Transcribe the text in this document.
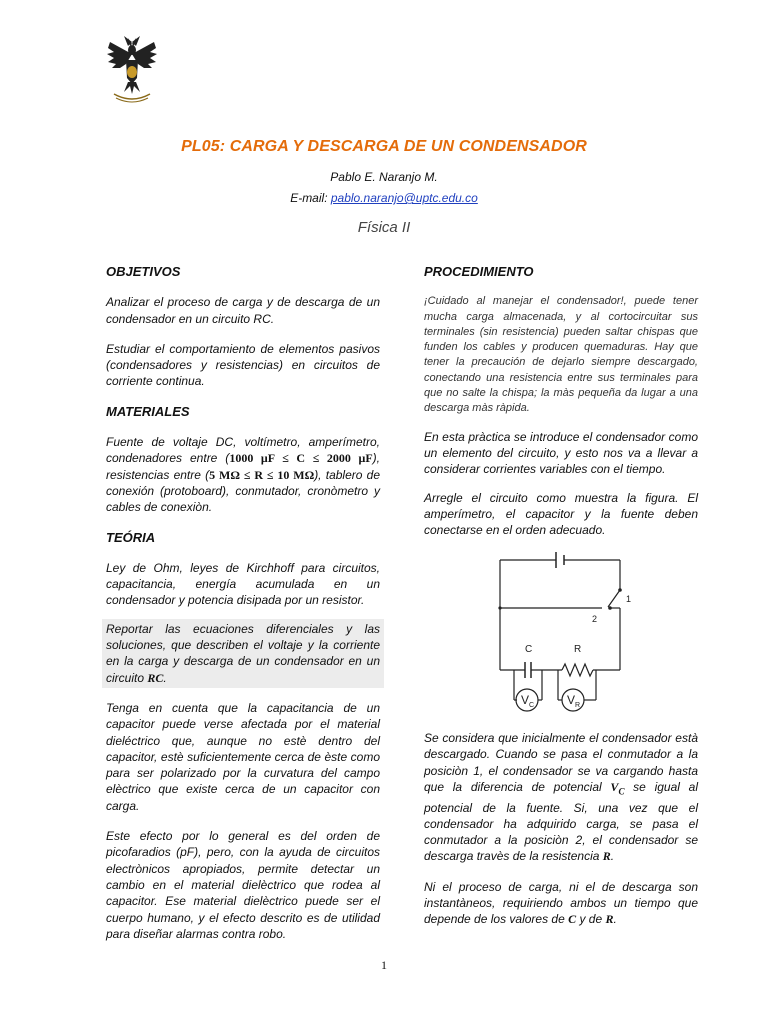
PL05: CARGA Y DESCARGA DE UN CONDENSADOR
Pablo E. Naranjo M.
E-mail: pablo.naranjo@uptc.edu.co
Física II
OBJETIVOS

Analizar el proceso de carga y de descarga de un condensador en un circuito RC.

Estudiar el comportamiento de elementos pasivos (condensadores y resistencias) en circuitos de corriente continua.

MATERIALES

Fuente de voltaje DC, voltímetro, amperímetro, condenadores entre (1000 μF ≤ C ≤ 2000 μF), resistencias entre (5 MΩ ≤ R ≤ 10 MΩ), tablero de conexión (protoboard), conmutador, cronòmetro y cables de conexiòn.

TEÓRIA

Ley de Ohm, leyes de Kirchhoff para circuitos, capacitancia, energía acumulada en un condensador y potencia disipada por un resistor.

Reportar las ecuaciones diferenciales y las soluciones, que describen el voltaje y la corriente en la carga y descarga de un condensador en un circuito RC.

Tenga en cuenta que la capacitancia de un capacitor puede verse afectada por el material dieléctrico que, aunque no estè dentro del capacitor, estè suficientemente cerca de èste como para ser polarizado por la curvatura del campo elèctrico que existe cerca de un capacitor con carga.

Este efecto por lo general es del orden de picofaradios (pF), pero, con la ayuda de circuitos electrònicos apropiados, permite detectar un cambio en el material dielèctrico que rodea al capacitor. Ese material dielèctrico puede ser el cuerpo humano, y el efecto descrito es de utilidad para diseñar alarmas contra robo.

PROCEDIMIENTO

¡Cuidado al manejar el condensador!, puede tener mucha carga almacenada, y al cortocircuitar sus terminales (sin resistencia) pueden saltar chispas que funden los cables y producen quemaduras. Hay que tener la precaución de dejarlo siempre descargado, conectando una resistencia entre sus terminales para que no salte la chispa; la màs pequeña da lugar a una descarga màs ràpida.

En esta pràctica se introduce el condensador como un elemento del circuito, y esto nos va a llevar a considerar corrientes variables con el tiempo.

Arregle el circuito como muestra la figura. El amperímetro, el capacitor y la fuente deben conectarse en el orden adecuado.

C	R
1
2
$V_C$	$V_R$

Se considera que inicialmente el condensador està descargado. Cuando se pasa el conmutador a la posiciòn 1, el condensador se va cargando hasta que la diferencia de potencial $V_C$ se igual al potencial de la fuente. Si, una vez que el condensador ha adquirido carga, se pasa el conmutador a la posiciòn 2, el condensador se descarga travès de la resistencia R.

Ni el proceso de carga, ni el de descarga son instantàneos, requiriendo ambos un tiempo que depende de los valores de C y de R.

1
